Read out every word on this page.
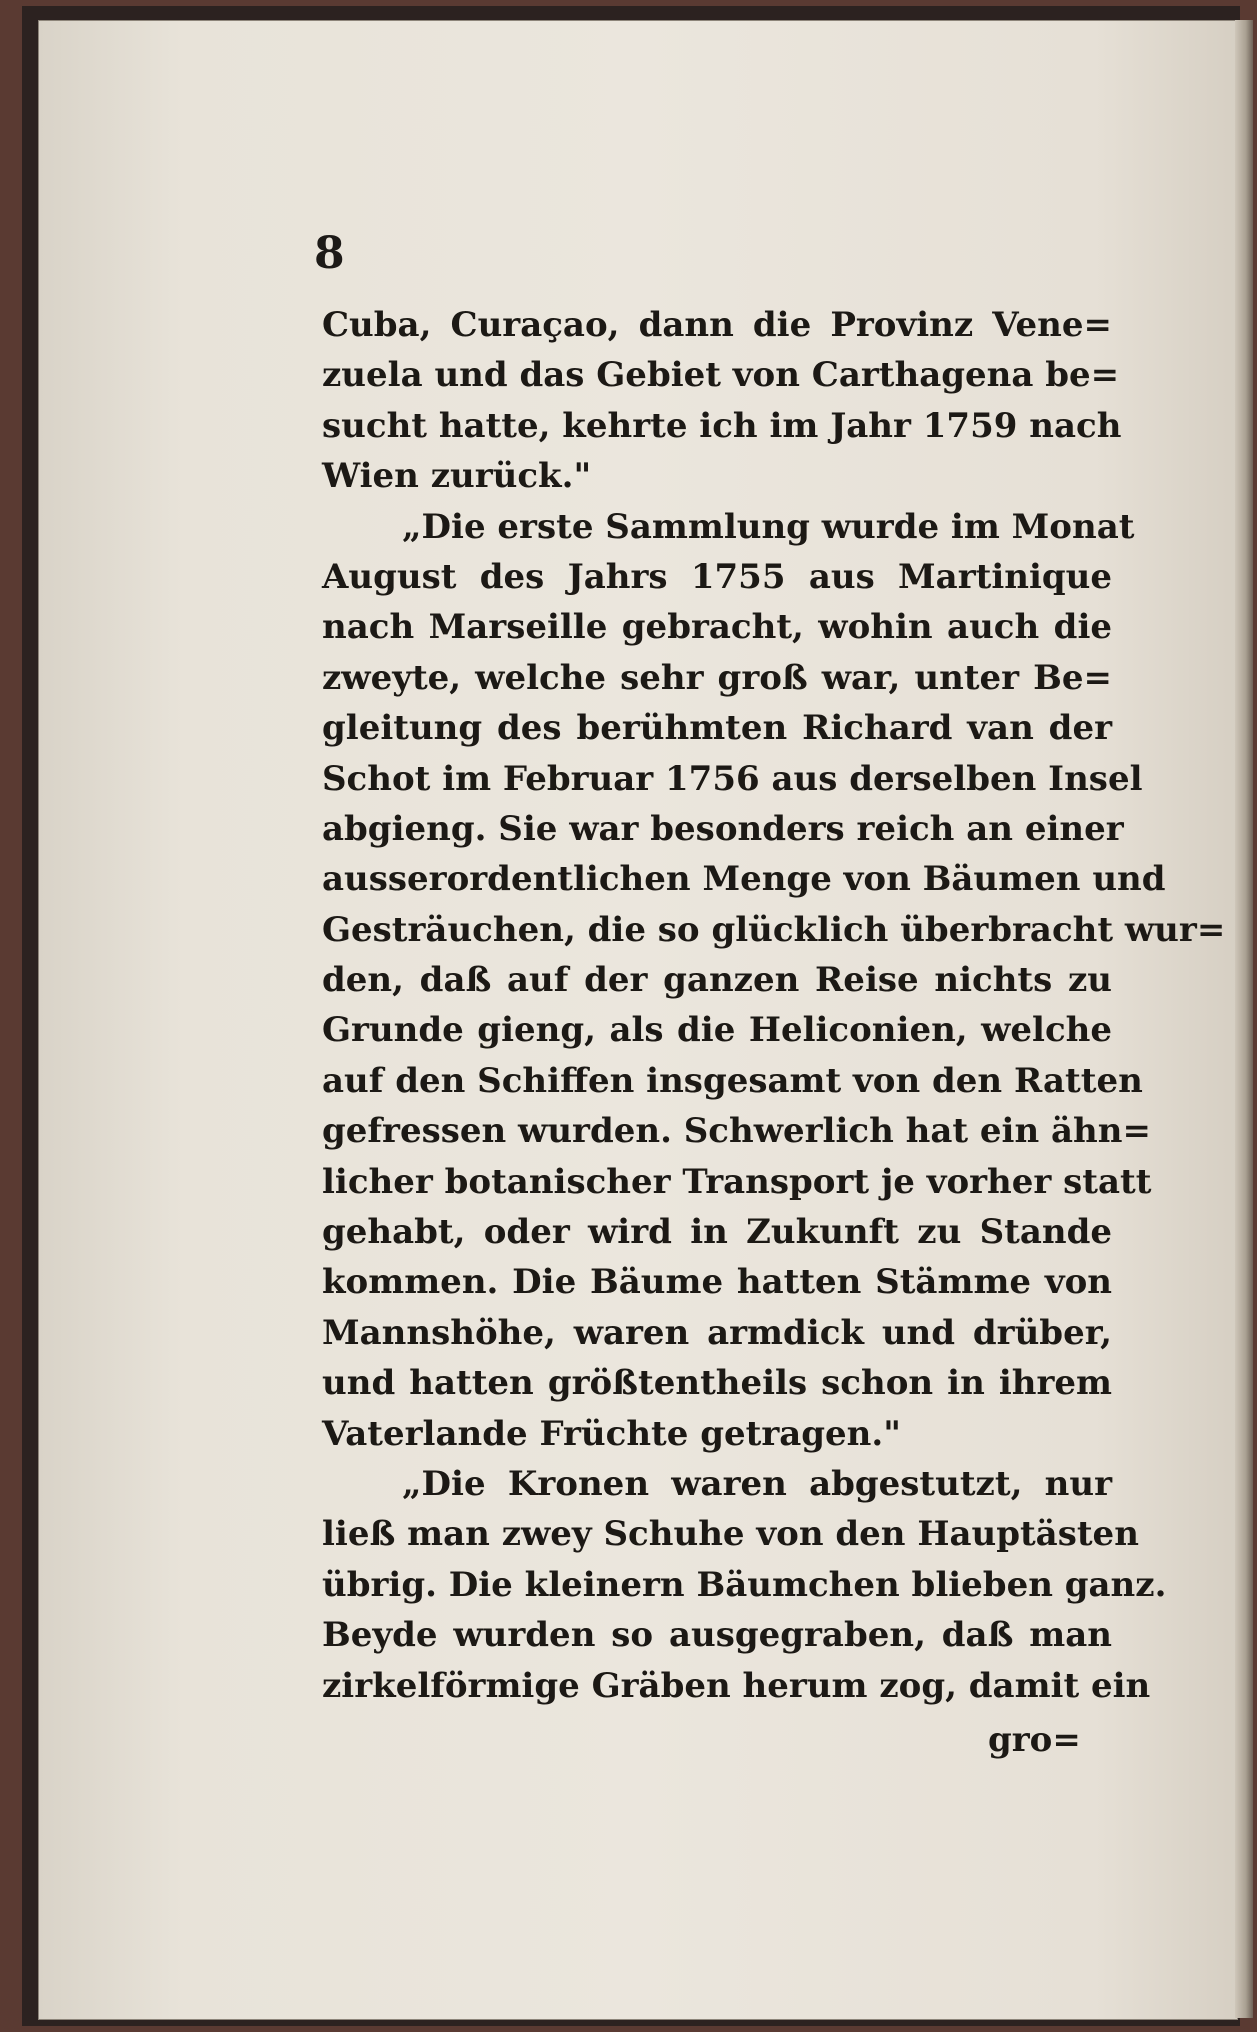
8
Cuba, Curaçao, dann die Provinz Vene=
zuela und das Gebiet von Carthagena be=
sucht hatte, kehrte ich im Jahr 1759 nach
Wien zurück."
„Die erste Sammlung wurde im Monat
August des Jahrs 1755 aus Martinique
nach Marseille gebracht, wohin auch die
zweyte, welche sehr groß war, unter Be=
gleitung des berühmten Richard van der
Schot im Februar 1756 aus derselben Insel
abgieng. Sie war besonders reich an einer
ausserordentlichen Menge von Bäumen und
Gesträuchen, die so glücklich überbracht wur=
den, daß auf der ganzen Reise nichts zu
Grunde gieng, als die Heliconien, welche
auf den Schiffen insgesamt von den Ratten
gefressen wurden. Schwerlich hat ein ähn=
licher botanischer Transport je vorher statt
gehabt, oder wird in Zukunft zu Stande
kommen. Die Bäume hatten Stämme von
Mannshöhe, waren armdick und drüber,
und hatten größtentheils schon in ihrem
Vaterlande Früchte getragen."
„Die Kronen waren abgestutzt, nur
ließ man zwey Schuhe von den Hauptästen
übrig. Die kleinern Bäumchen blieben ganz.
Beyde wurden so ausgegraben, daß man
zirkelförmige Gräben herum zog, damit ein
gro=
